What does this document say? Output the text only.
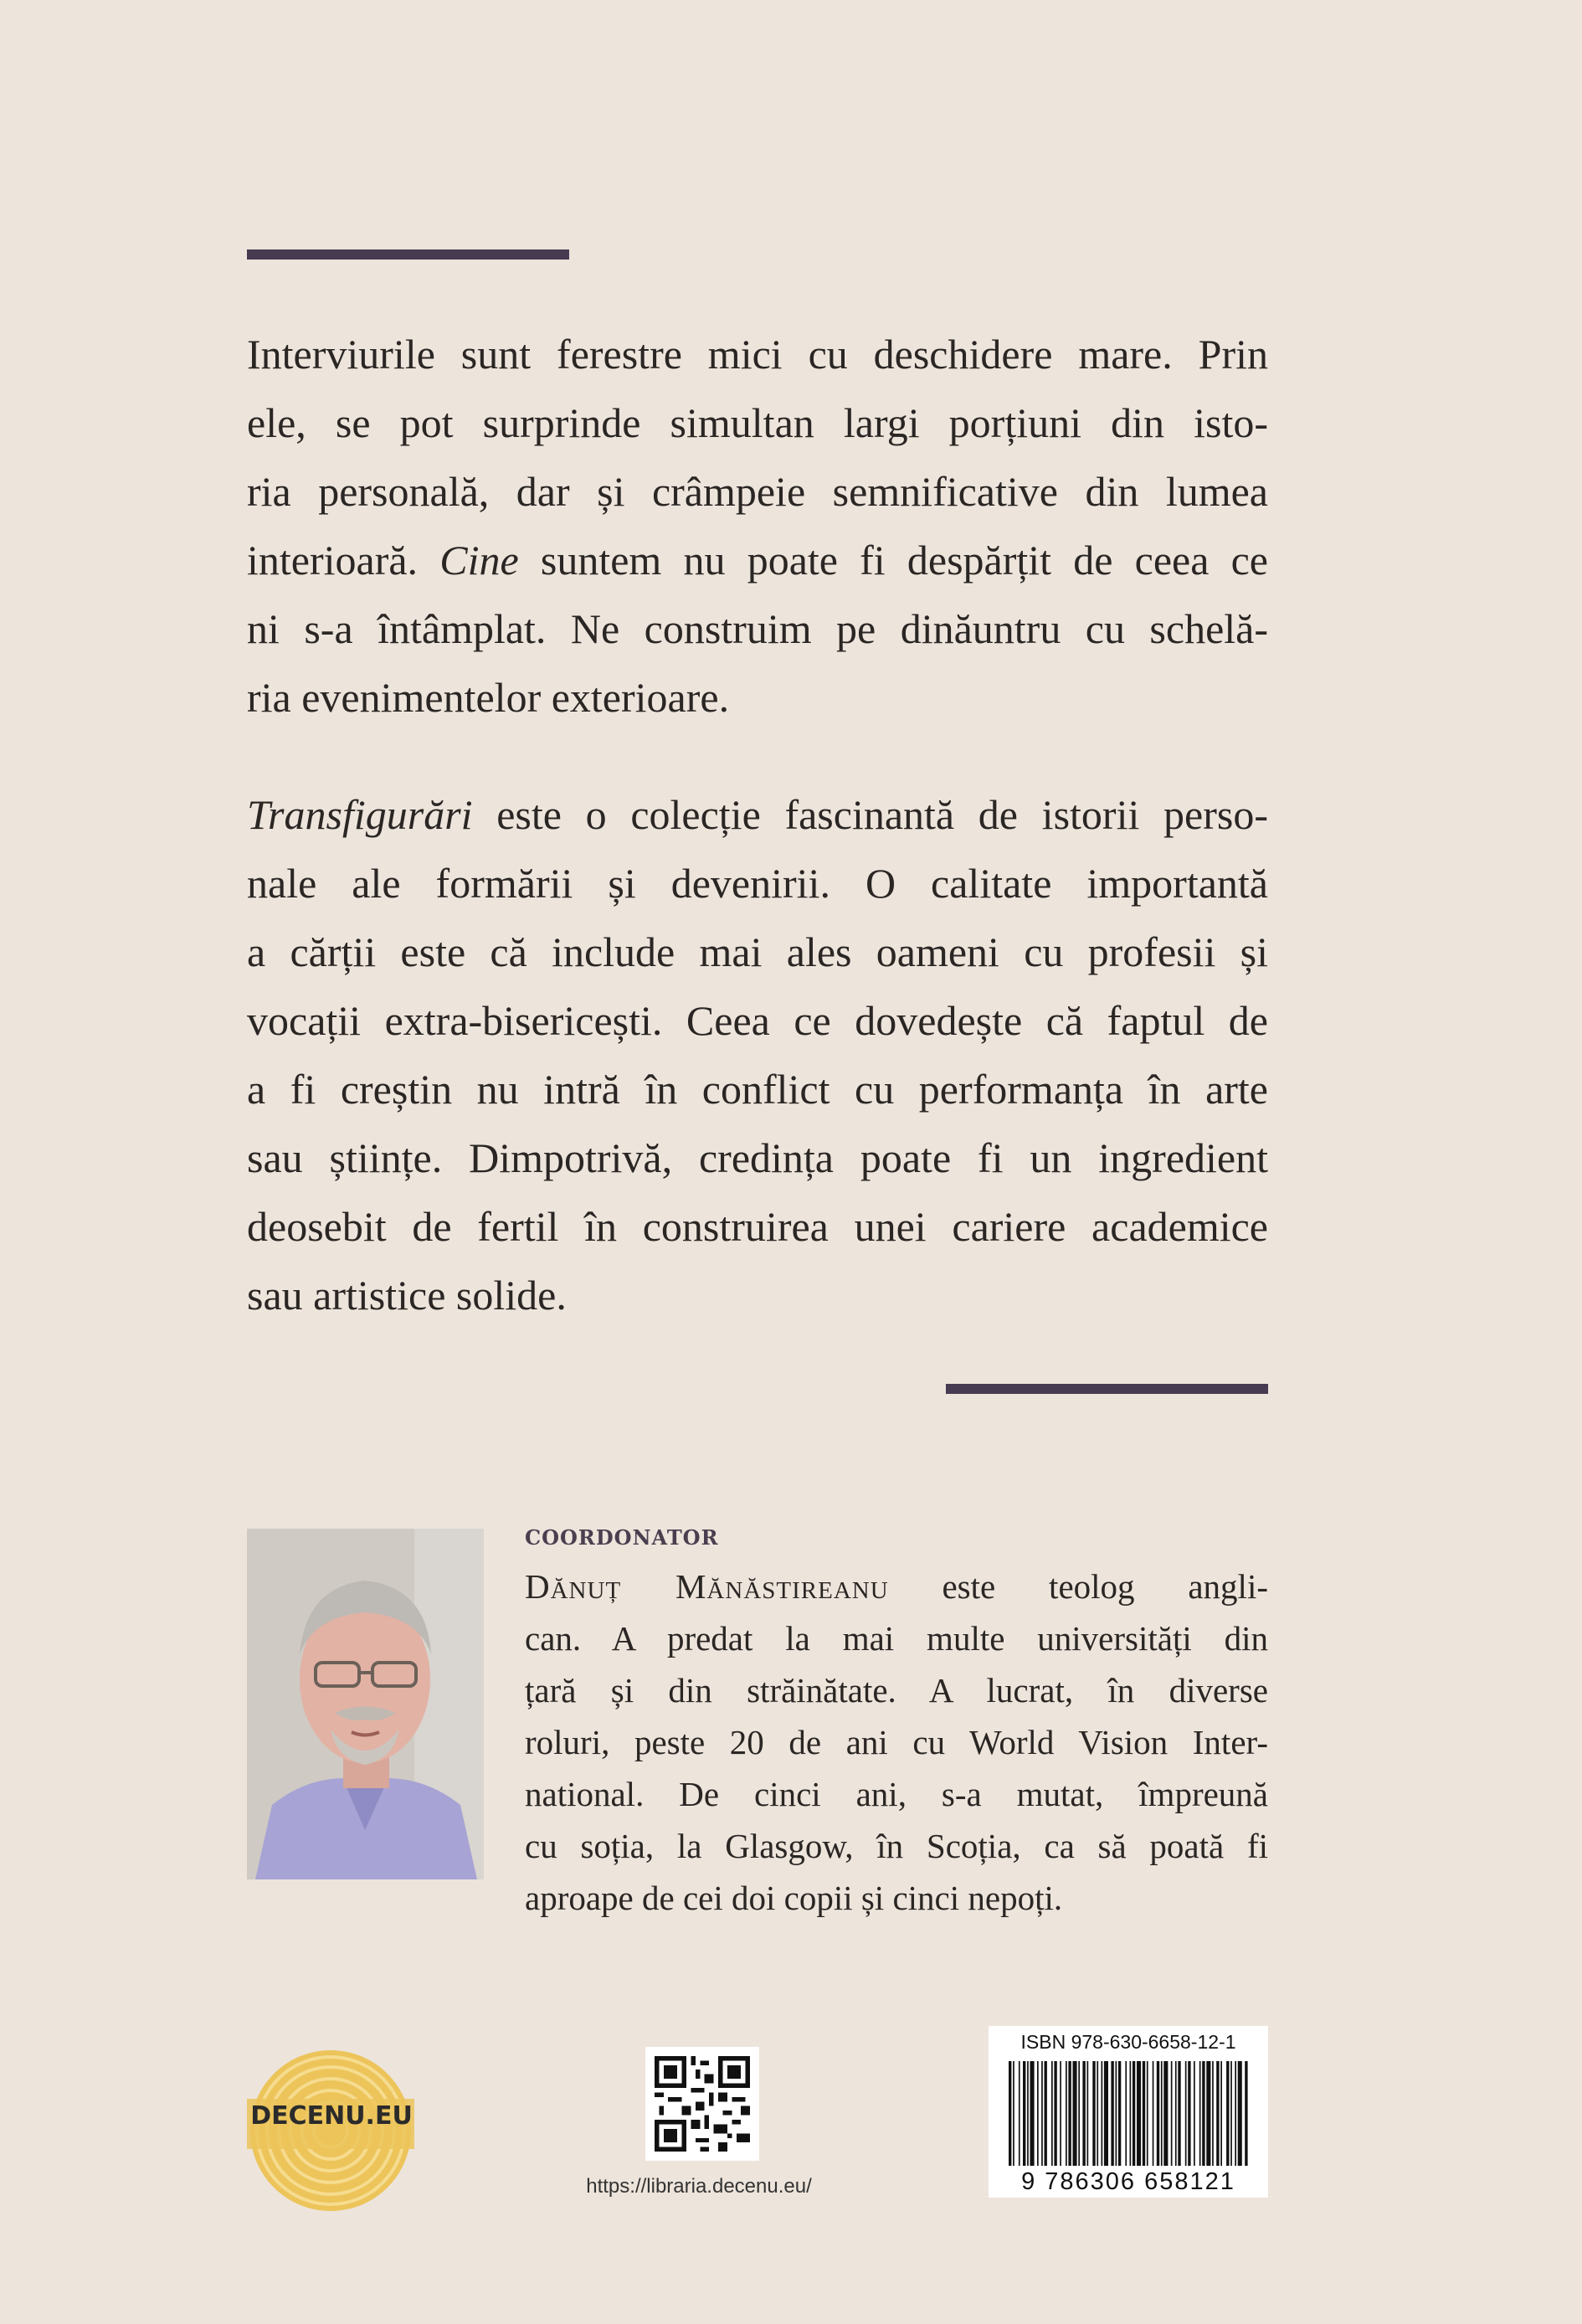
Interviurile sunt ferestre mici cu deschidere mare. Prin
ele, se pot surprinde simultan largi porțiuni din isto-
ria personală, dar și crâmpeie semnificative din lumea
interioară. Cine suntem nu poate fi despărțit de ceea ce
ni s-a întâmplat. Ne construim pe dinăuntru cu schelă-
ria evenimentelor exterioare.

Transfigurări este o colecție fascinantă de istorii perso-
nale ale formării și devenirii. O calitate importantă
a cărții este că include mai ales oameni cu profesii și
vocații extra-bisericești. Ceea ce dovedește că faptul de
a fi creștin nu intră în conflict cu performanța în arte
sau științe. Dimpotrivă, credința poate fi un ingredient
deosebit de fertil în construirea unei cariere academice
sau artistice solide.

COORDONATOR

Dănuț Mănăstireanu este teolog angli-
can. A predat la mai multe universități din
țară și din străinătate. A lucrat, în diverse
roluri, peste 20 de ani cu World Vision Inter-
national. De cinci ani, s-a mutat, împreună
cu soția, la Glasgow, în Scoția, ca să poată fi
aproape de cei doi copii și cinci nepoți.

DECENU.EU
https://libraria.decenu.eu/
ISBN 978-630-6658-12-1
9 786306 658121
